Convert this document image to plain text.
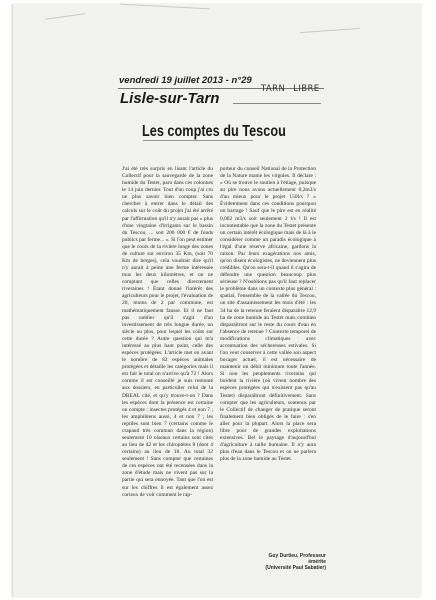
vendredi 19 juillet 2013 - n°29
TARN LIBRE
Lisle-sur-Tarn
Les comptes du Tescou

J'ai été très surpris en lisant l'article du Collectif pour la sauvegarde de la zone humide du Testet, paru dans ces colonnes le 14 juin dernier. Tout d'un coup j'ai cru ne plus savoir bien compter. Sans chercher à entrer dans le détail des calculs sur le coût du projet j'ai été arrêté par l'affirmation qu'il n'y aurait pas « plus d'une vingtaine d'irrigants sur le bassin du Tescou, ... soit 200 000 € de fonds publics par ferme... ». Si l'on peut estimer que le cours de la rivière longe des zones de culture sur environ 35 Km, (soit 70 Km de berges), cela voudrait dire qu'il n'y aurait à peine une ferme intéressée tous les deux kilomètres, et on ne comptant que celles directement riveraines ! Étant donné l'intérêt des agriculteurs pour le projet, l'évaluation de 20, moins de 2 par commune, est mathématiquement fausse. Et il ne faut pas oublier qu'il s'agit d'un investissement de très longue durée, un siècle ou plus, pour lequel les coûts sur cette durée ? Autre question qui m'a intéressé au plus haut point, celle des espèces protégées. L'article met en avant le nombre de 82 espèces animales protégées et détaille les catégories mais il est fait le total on n'arrive qu'à 72 ! Alors comme il est conseillé je suis remonté aux dossiers, en particulier celui de la DREAL cité, et qu'y trouve-t-on ? Dans les espèces dont la présence est certaine on compte : insectes protégés 4 et non 7 ; les amphibiens aussi, 4 et non 7 ; les reptiles sont bien 7 (certains comme le crapaud très commun dans la région) seulement 10 oiseaux certains sont cités au lieu de 42 et les chiroptères 8 (dont 4 certains) au lieu de 18. Au total 32 seulement ! Sans compter que certaines de ces espèces ont été recensées dans la zone d'étude mais ne vivent pas sur la partie qui sera ennoyée. Tant que l'on est sur les chiffres il est également assez curieux de voir comment le rap-

porteur du conseil National de la Protection de la Nature manie les virgules. Il déclare : « Où se trouve le soutien à l'étiage, puisque au pire nous avons actuellement 0,2m3/s d'au mieux pour le projet 150l/s ? » Évidemment dans ces conditions pourquoi un barrage ! Sauf que le pire est en réalité 0,002 m3/s soit seulement 2 l/s ! Il est incontestable que la zone du Testet présente un certain intérêt écologique mais de là à le considérer comme un paradis écologique à l'égal d'une réserve africaine, gardons la raison. Par leurs exagérations nos amis, qu'on disent écologistes, ne deviennent plus crédibles. Qu'on sera-t-il quand il s'agira de défendre une question beaucoup plus sérieuse ? N'oublions pas qu'il faut replacer le problème dans un contexte plus général : spatial, l'ensemble de la vallée du Tescou, un site d'assainissement les mois d'été : les 34 ha de la retenue feraient disparaître 12,9 ha de zone humide au Testet mais combien disparaîtront sur le reste du cours d'eau en l'absence de retenue ? Contexte temporel de modifications climatiques avec accentuation des sécheresses estivales. Si l'on veut conserver à cette vallée son aspect bocager actuel, il est nécessaire de maintenir un débit minimum toute l'année. Si non les peuplements riverains qui bordent la rivière (où vivent nombre des espèces protégées qui n'existent pas qu'au Testet) disparaîtront définitivement. Sans compter que les agriculteurs, soutenus par le Collectif de changer de pratique seront finalement bien obligés de le faire : s'en aller pour la plupart. Alors la place sera libre pour de grandes exploitations extensives. Bel le paysage d'aujourd'hui d'agriculture à taille humaine. Il n'y aura plus d'eau dans le Tescou et on ne parlera plus de la zone humide au Testet.

Guy Durtieu, Professeur émérite
(Université Paul Sabatier)
